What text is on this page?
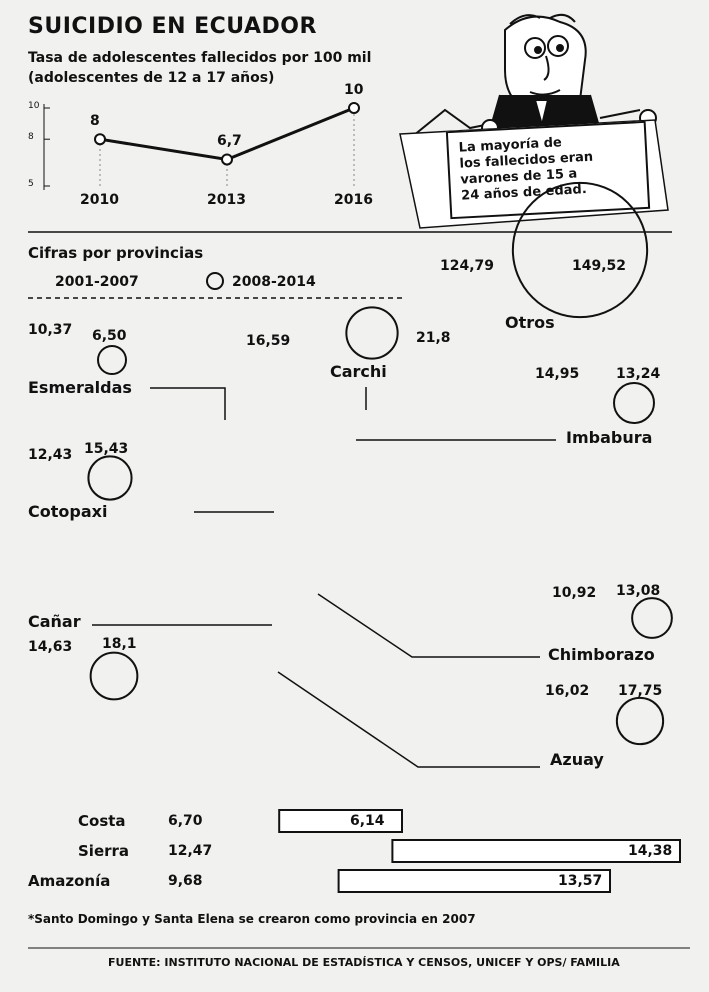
SUICIDIO EN ECUADOR
Tasa de adolescentes fallecidos por 100 mil
(adolescentes de 12 a 17 años)
La mayoría de
los fallecidos eran
varones de 15 a
24 años de edad.
Cifras por provincias
2001-2007	2008-2014
Esmeraldas
10,37 6,50
Carchi
16,59	21,8
Otros
124,79	149,52
Imbabura
14,95	13,24
Cotopaxi
12,43 15,43
Cañar
14,63 18,1
Chimborazo
10,92 13,08
Azuay
16,02 17,75
Costa	6,70	6,14
Sierra	12,47	14,38
Amazonía	9,68	13,57
*Santo Domingo y Santa Elena se crearon como provincia en 2007
FUENTE: INSTITUTO NACIONAL DE ESTADÍSTICA Y CENSOS, UNICEF Y OPS/ FAMILIA
5
8
10
8
2010
6,7
2013
10
2016
